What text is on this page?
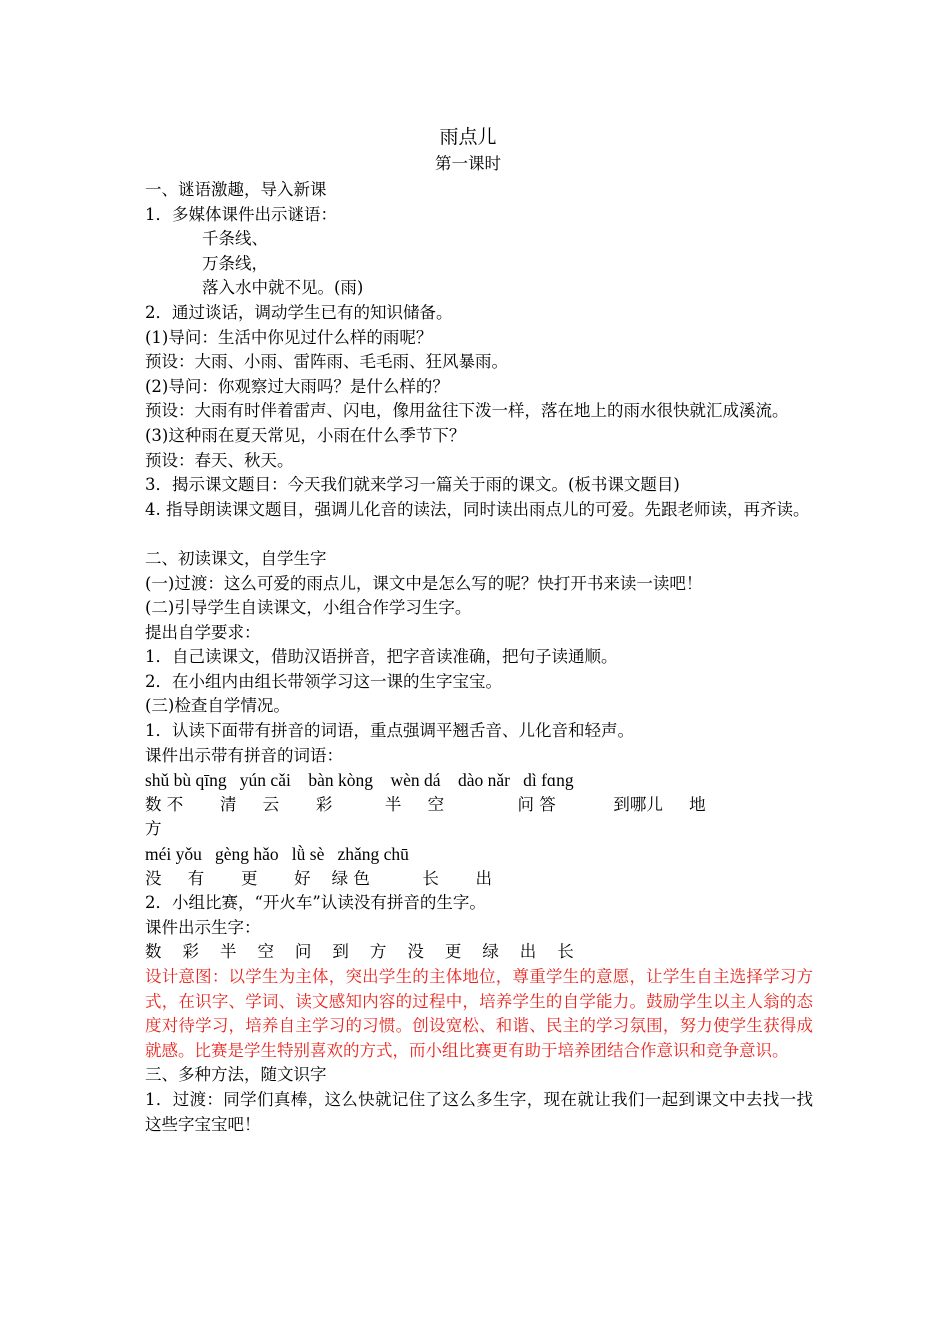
雨点儿
第一课时
一、谜语激趣，导入新课
1．多媒体课件出示谜语：
千条线、
万条线，
落入水中就不见。(雨)
2．通过谈话，调动学生已有的知识储备。
(1)导问：生活中你见过什么样的雨呢？
预设：大雨、小雨、雷阵雨、毛毛雨、狂风暴雨。
(2)导问：你观察过大雨吗？是什么样的？
预设：大雨有时伴着雷声、闪电，像用盆往下泼一样，落在地上的雨水很快就汇成溪流。
(3)这种雨在夏天常见，小雨在什么季节下？
预设：春天、秋天。
3．揭示课文题目：今天我们就来学习一篇关于雨的课文。(板书课文题目)
4. 指导朗读课文题目，强调儿化音的读法，同时读出雨点儿的可爱。先跟老师读，再齐读。
二、初读课文，自学生字
(一)过渡：这么可爱的雨点儿，课文中是怎么写的呢？快打开书来读一读吧！
(二)引导学生自读课文，小组合作学习生字。
提出自学要求：
1．自己读课文，借助汉语拼音，把字音读准确，把句子读通顺。
2．在小组内由组长带领学习这一课的生字宝宝。
(三)检查自学情况。
1．认读下面带有拼音的词语，重点强调平翘舌音、儿化音和轻声。
课件出示带有拼音的词语：
shǔ bù qīng   yún cǎi    bàn kòng    wèn dá    dào nǎr   dì fɑng
数 不       清     云       彩          半     空              问 答           到哪儿     地
方
méi yǒu   gèng hǎo   lǜ sè   zhǎng chū
没     有       更       好    绿 色          长       出
2．小组比赛，“开火车”认读没有拼音的生字。
课件出示生字：
数    彩    半    空    问    到    方    没    更    绿    出    长
设计意图：以学生为主体，突出学生的主体地位，尊重学生的意愿，让学生自主选择学习方式，在识字、学词、读文感知内容的过程中，培养学生的自学能力。鼓励学生以主人翁的态度对待学习，培养自主学习的习惯。创设宽松、和谐、民主的学习氛围，努力使学生获得成就感。比赛是学生特别喜欢的方式，而小组比赛更有助于培养团结合作意识和竞争意识。
三、多种方法，随文识字
1．过渡：同学们真棒，这么快就记住了这么多生字，现在就让我们一起到课文中去找一找这些字宝宝吧！
